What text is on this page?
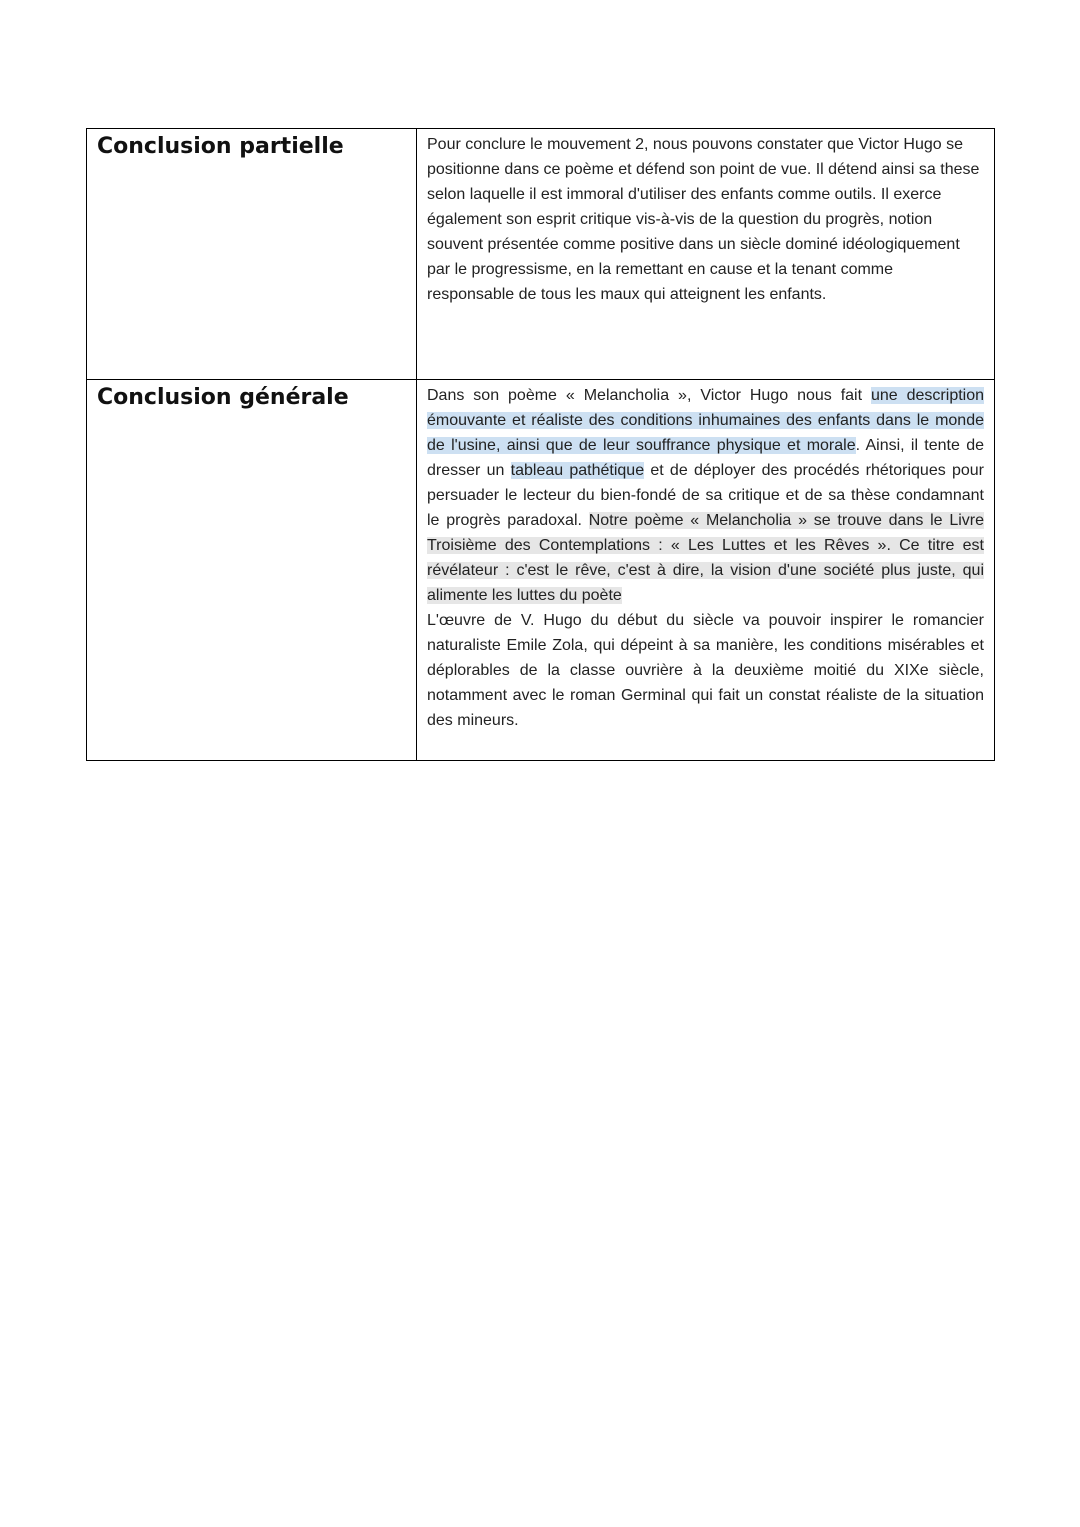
Conclusion partielle	Pour conclure le mouvement 2, nous pouvons constater que Victor Hugo se positionne dans ce poème et défend son point de vue. Il détend ainsi sa these selon laquelle il est immoral d'utiliser des enfants comme outils. Il exerce également son esprit critique vis-à-vis de la question du progrès, notion souvent présentée comme positive dans un siècle dominé idéologiquement par le progressisme, en la remettant en cause et la tenant comme responsable de tous les maux qui atteignent les enfants.

Conclusion générale	Dans son poème « Melancholia », Victor Hugo nous fait une description émouvante et réaliste des conditions inhumaines des enfants dans le monde de l'usine, ainsi que de leur souffrance physique et morale. Ainsi, il tente de dresser un tableau pathétique et de déployer des procédés rhétoriques pour persuader le lecteur du bien-fondé de sa critique et de sa thèse condamnant le progrès paradoxal. Notre poème « Melancholia » se trouve dans le Livre Troisième des Contemplations : « Les Luttes et les Rêves ». Ce titre est révélateur : c'est le rêve, c'est à dire, la vision d'une société plus juste, qui alimente les luttes du poète

L'œuvre de V. Hugo du début du siècle va pouvoir inspirer le romancier naturaliste Emile Zola, qui dépeint à sa manière, les conditions misérables et déplorables de la classe ouvrière à la deuxième moitié du XIXe siècle, notamment avec le roman Germinal qui fait un constat réaliste de la situation des mineurs.
